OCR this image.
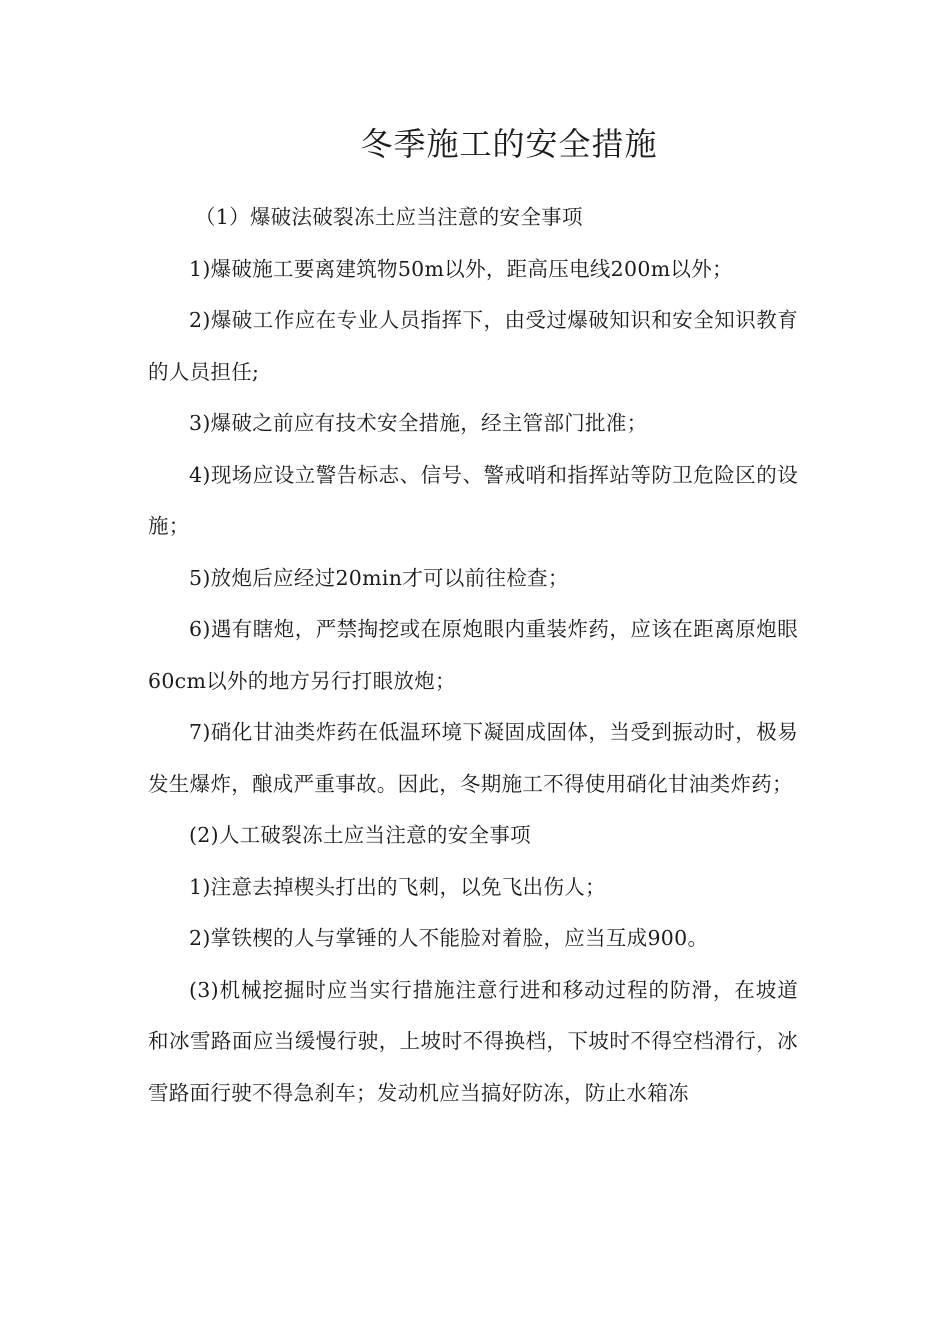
冬季施工的安全措施

（1）爆破法破裂冻土应当注意的安全事项

1)爆破施工要离建筑物50m以外，距高压电线200m以外；

2)爆破工作应在专业人员指挥下，由受过爆破知识和安全知识教育的人员担任;

3)爆破之前应有技术安全措施，经主管部门批准；

4)现场应设立警告标志、信号、警戒哨和指挥站等防卫危险区的设施；

5)放炮后应经过20min才可以前往检查；

6)遇有瞎炮，严禁掏挖或在原炮眼内重装炸药，应该在距离原炮眼60cm以外的地方另行打眼放炮；

7)硝化甘油类炸药在低温环境下凝固成固体，当受到振动时，极易发生爆炸，酿成严重事故。因此，冬期施工不得使用硝化甘油类炸药；

(2)人工破裂冻土应当注意的安全事项

1)注意去掉楔头打出的飞刺，以免飞出伤人；

2)掌铁楔的人与掌锤的人不能脸对着脸，应当互成900。

(3)机械挖掘时应当实行措施注意行进和移动过程的防滑，在坡道和冰雪路面应当缓慢行驶，上坡时不得换档，下坡时不得空档滑行，冰雪路面行驶不得急刹车；发动机应当搞好防冻，防止水箱冻
